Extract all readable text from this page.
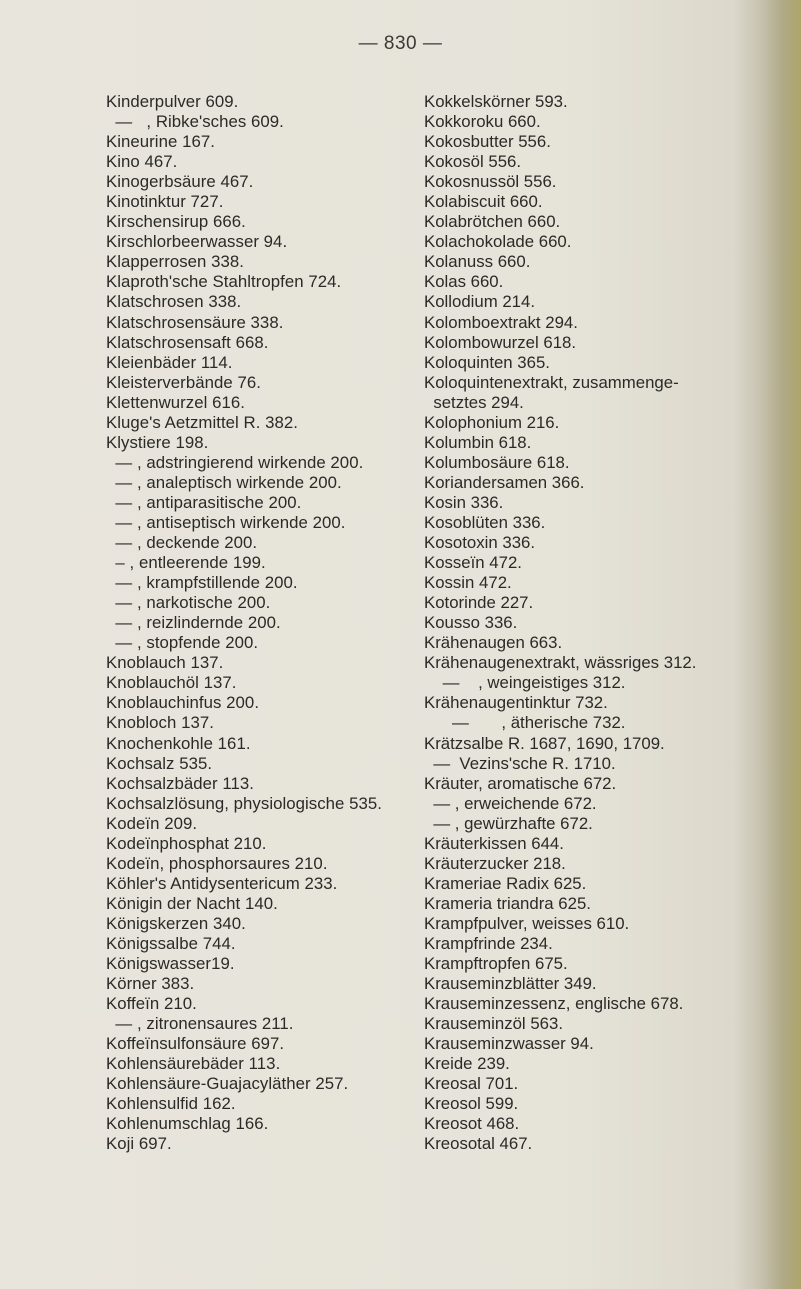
— 830 —
Kinderpulver 609.
—   , Ribke'sches 609.
Kineurine 167.
Kino 467.
Kinogerbsäure 467.
Kinotinktur 727.
Kirschensirup 666.
Kirschlorbeerwasser 94.
Klapperrosen 338.
Klaproth'sche Stahltropfen 724.
Klatschrosen 338.
Klatschrosensäure 338.
Klatschrosensaft 668.
Kleienbäder 114.
Kleisterverbände 76.
Klettenwurzel 616.
Kluge's Aetzmittel R. 382.
Klystiere 198.
— , adstringierend wirkende 200.
— , analeptisch wirkende 200.
— , antiparasitische 200.
— , antiseptisch wirkende 200.
— , deckende 200.
– , entleerende 199.
— , krampfstillende 200.
— , narkotische 200.
— , reizlindernde 200.
— , stopfende 200.
Knoblauch 137.
Knoblauchöl 137.
Knoblauchinfus 200.
Knobloch 137.
Knochenkohle 161.
Kochsalz 535.
Kochsalzbäder 113.
Kochsalzlösung, physiologische 535.
Kodeïn 209.
Kodeïnphosphat 210.
Kodeïn, phosphorsaures 210.
Köhler's Antidysentericum 233.
Königin der Nacht 140.
Königskerzen 340.
Königssalbe 744.
Königswasser19.
Körner 383.
Koffeïn 210.
— , zitronensaures 211.
Koffeïnsulfonsäure 697.
Kohlensäurebäder 113.
Kohlensäure-Guajacyläther 257.
Kohlensulfid 162.
Kohlenumschlag 166.
Koji 697.
Kokkelskörner 593.
Kokkoroku 660.
Kokosbutter 556.
Kokosöl 556.
Kokosnussöl 556.
Kolabiscuit 660.
Kolabrötchen 660.
Kolachokolade 660.
Kolanuss 660.
Kolas 660.
Kollodium 214.
Kolomboextrakt 294.
Kolombowurzel 618.
Koloquinten 365.
Koloquintenextrakt, zusammenge-
setztes 294.
Kolophonium 216.
Kolumbin 618.
Kolumbosäure 618.
Koriandersamen 366.
Kosin 336.
Kosoblüten 336.
Kosotoxin 336.
Kosseïn 472.
Kossin 472.
Kotorinde 227.
Kousso 336.
Krähenaugen 663.
Krähenaugenextrakt, wässriges 312.
—    , weingeistiges 312.
Krähenaugentinktur 732.
—       , ätherische 732.
Krätzsalbe R. 1687, 1690, 1709.
—  Vezins'sche R. 1710.
Kräuter, aromatische 672.
— , erweichende 672.
— , gewürzhafte 672.
Kräuterkissen 644.
Kräuterzucker 218.
Krameriae Radix 625.
Krameria triandra 625.
Krampfpulver, weisses 610.
Krampfrinde 234.
Krampftropfen 675.
Krauseminzblätter 349.
Krauseminzessenz, englische 678.
Krauseminzöl 563.
Krauseminzwasser 94.
Kreide 239.
Kreosal 701.
Kreosol 599.
Kreosot 468.
Kreosotal 467.
